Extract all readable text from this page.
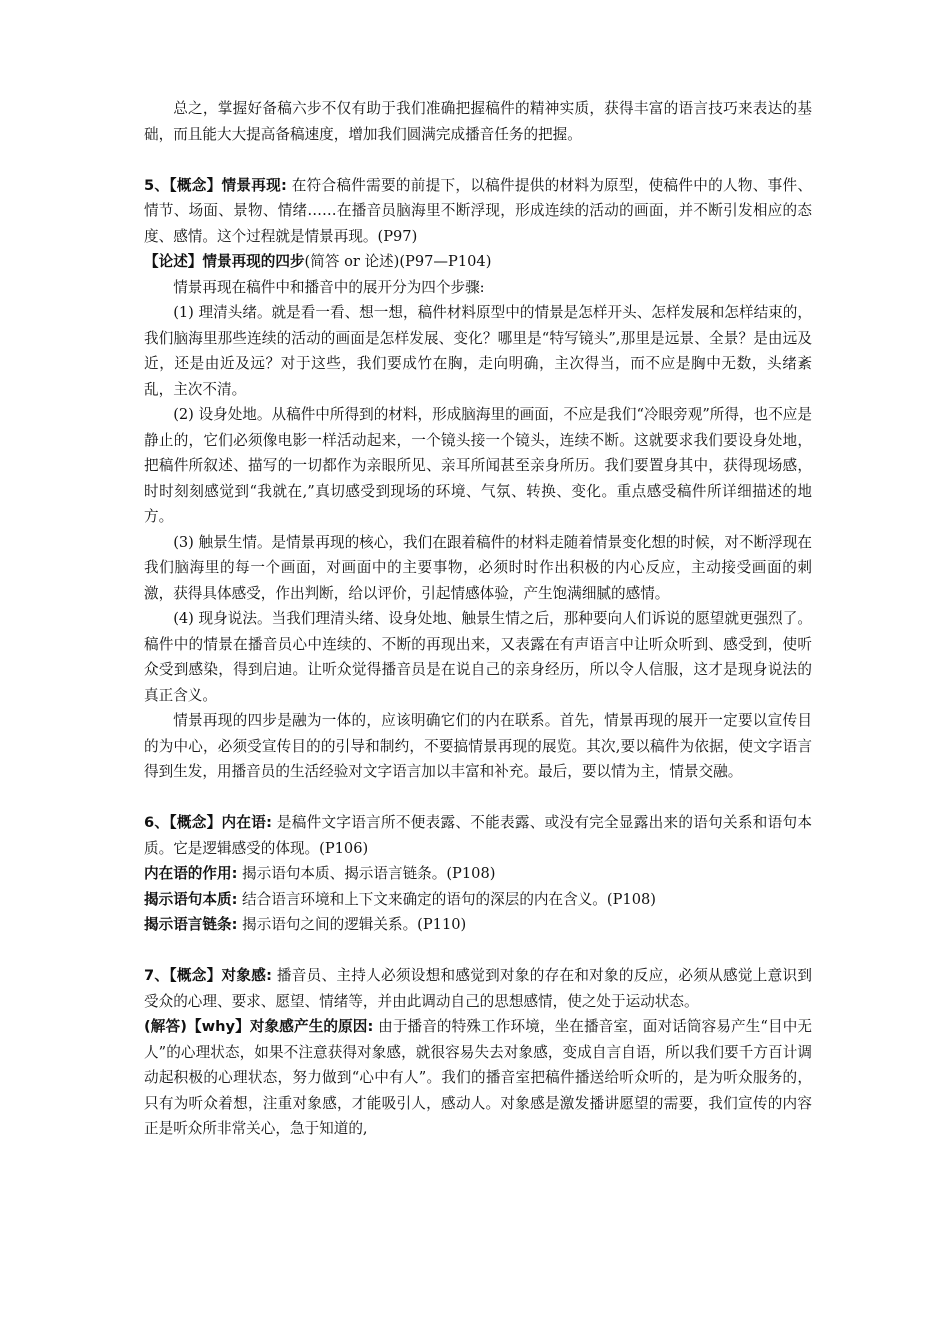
总之，掌握好备稿六步不仅有助于我们准确把握稿件的精神实质，获得丰富的语言技巧来表达的基础，而且能大大提高备稿速度，增加我们圆满完成播音任务的把握。

5、【概念】情景再现: 在符合稿件需要的前提下，以稿件提供的材料为原型，使稿件中的人物、事件、情节、场面、景物、情绪……在播音员脑海里不断浮现，形成连续的活动的画面，并不断引发相应的态度、感情。这个过程就是情景再现。(P97)

【论述】情景再现的四步(简答 or 论述)(P97—P104)

情景再现在稿件中和播音中的展开分为四个步骤:

(1) 理清头绪。就是看一看、想一想，稿件材料原型中的情景是怎样开头、怎样发展和怎样结束的，我们脑海里那些连续的活动的画面是怎样发展、变化？哪里是“特写镜头”,那里是远景、全景？是由远及近，还是由近及远？对于这些，我们要成竹在胸，走向明确，主次得当，而不应是胸中无数，头绪紊乱，主次不清。

(2) 设身处地。从稿件中所得到的材料，形成脑海里的画面，不应是我们“冷眼旁观”所得，也不应是静止的，它们必须像电影一样活动起来，一个镜头接一个镜头，连续不断。这就要求我们要设身处地，把稿件所叙述、描写的一切都作为亲眼所见、亲耳所闻甚至亲身所历。我们要置身其中，获得现场感，时时刻刻感觉到“我就在,”真切感受到现场的环境、气氛、转换、变化。重点感受稿件所详细描述的地方。

(3) 触景生情。是情景再现的核心，我们在跟着稿件的材料走随着情景变化想的时候，对不断浮现在我们脑海里的每一个画面，对画面中的主要事物，必须时时作出积极的内心反应，主动接受画面的刺激，获得具体感受，作出判断，给以评价，引起情感体验，产生饱满细腻的感情。

(4) 现身说法。当我们理清头绪、设身处地、触景生情之后，那种要向人们诉说的愿望就更强烈了。稿件中的情景在播音员心中连续的、不断的再现出来，又表露在有声语言中让听众听到、感受到，使听众受到感染，得到启迪。让听众觉得播音员是在说自己的亲身经历，所以令人信服，这才是现身说法的真正含义。

情景再现的四步是融为一体的，应该明确它们的内在联系。首先，情景再现的展开一定要以宣传目的为中心，必须受宣传目的的引导和制约，不要搞情景再现的展览。其次,要以稿件为依据，使文字语言得到生发，用播音员的生活经验对文字语言加以丰富和补充。最后，要以情为主，情景交融。

6、【概念】内在语: 是稿件文字语言所不便表露、不能表露、或没有完全显露出来的语句关系和语句本质。它是逻辑感受的体现。(P106)

内在语的作用: 揭示语句本质、揭示语言链条。(P108)

揭示语句本质: 结合语言环境和上下文来确定的语句的深层的内在含义。(P108)

揭示语言链条: 揭示语句之间的逻辑关系。(P110)

7、【概念】对象感: 播音员、主持人必须设想和感觉到对象的存在和对象的反应，必须从感觉上意识到受众的心理、要求、愿望、情绪等，并由此调动自己的思想感情，使之处于运动状态。

(解答)【why】对象感产生的原因: 由于播音的特殊工作环境，坐在播音室，面对话筒容易产生“目中无人”的心理状态，如果不注意获得对象感，就很容易失去对象感，变成自言自语，所以我们要千方百计调动起积极的心理状态，努力做到“心中有人”。我们的播音室把稿件播送给听众听的，是为听众服务的，只有为听众着想，注重对象感，才能吸引人，感动人。对象感是激发播讲愿望的需要，我们宣传的内容正是听众所非常关心，急于知道的,
